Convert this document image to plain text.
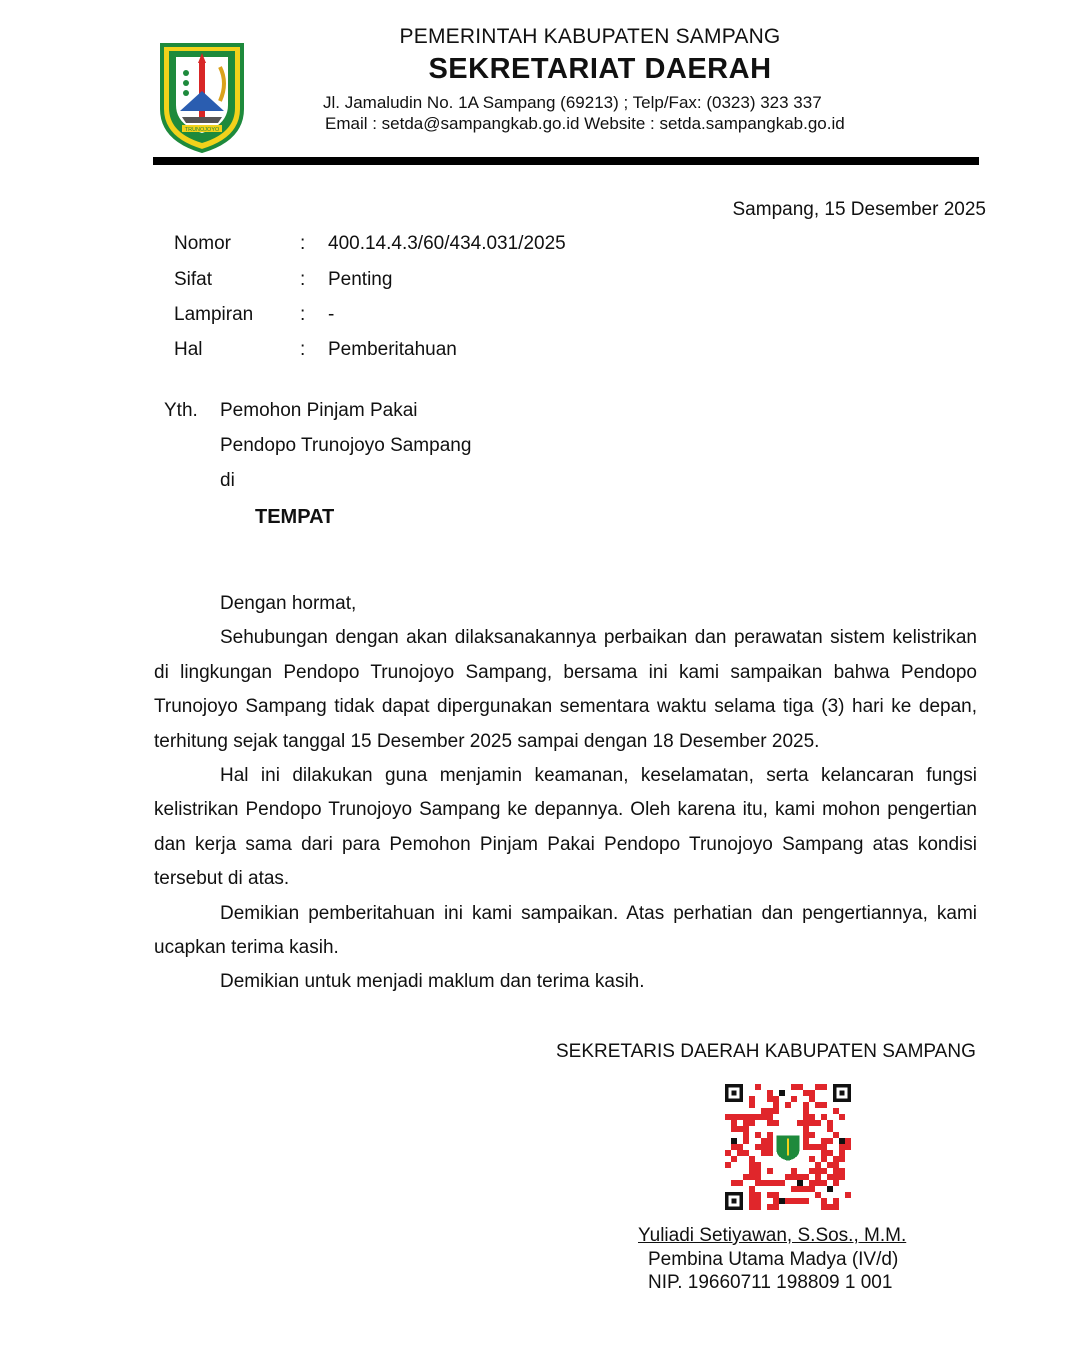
TRUNOJOYO
PEMERINTAH KABUPATEN SAMPANG
SEKRETARIAT DAERAH
Jl. Jamaludin No. 1A Sampang (69213) ; Telp/Fax: (0323) 323 337
Email : setda@sampangkab.go.id Website : setda.sampangkab.go.id
Sampang, 15 Desember 2025
Nomor	: 400.14.4.3/60/434.031/2025
Sifat	: Penting
Lampiran : -
Hal	: Pemberitahuan
Yth. Pemohon Pinjam Pakai
Pendopo Trunojoyo Sampang
di
TEMPAT

Dengan hormat,

Sehubungan dengan akan dilaksanakannya perbaikan dan perawatan sistem kelistrikan di lingkungan Pendopo Trunojoyo Sampang, bersama ini kami sampaikan bahwa Pendopo Trunojoyo Sampang tidak dapat dipergunakan sementara waktu selama tiga (3) hari ke depan, terhitung sejak tanggal 15 Desember 2025 sampai dengan 18 Desember 2025.

Hal ini dilakukan guna menjamin keamanan, keselamatan, serta kelancaran fungsi kelistrikan Pendopo Trunojoyo Sampang ke depannya. Oleh karena itu, kami mohon pengertian dan kerja sama dari para Pemohon Pinjam Pakai Pendopo Trunojoyo Sampang atas kondisi tersebut di atas.

Demikian pemberitahuan ini kami sampaikan. Atas perhatian dan pengertiannya, kami ucapkan terima kasih.

Demikian untuk menjadi maklum dan terima kasih.

SEKRETARIS DAERAH KABUPATEN SAMPANG
Yuliadi Setiyawan, S.Sos., M.M.
Pembina Utama Madya (IV/d)
NIP. 19660711 198809 1 001
